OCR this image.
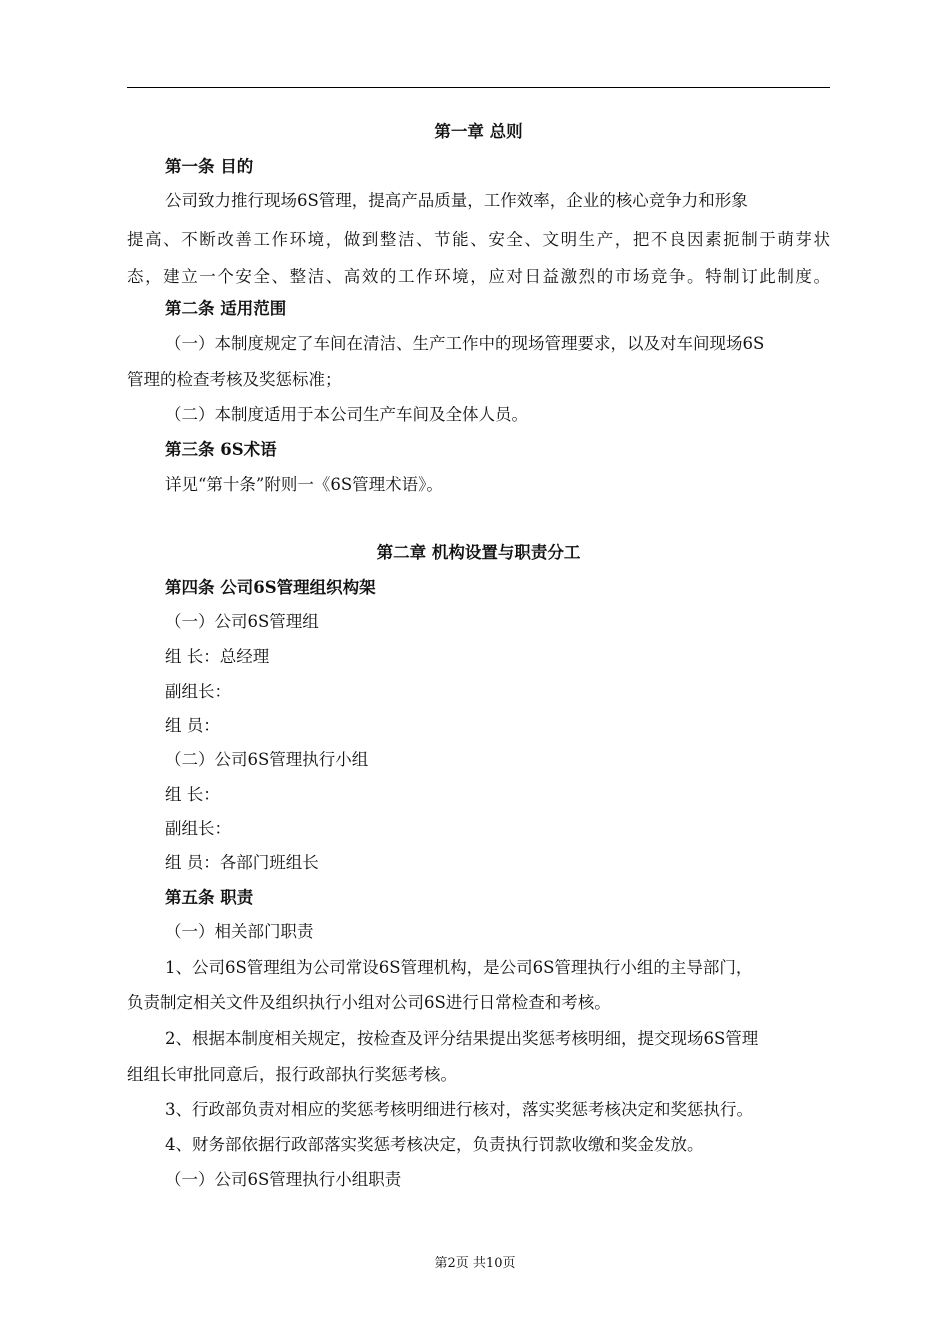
第一章 总则
第一条 目的
公司致力推行现场6S管理，提高产品质量，工作效率，企业的核心竞争力和形象
提高、不断改善工作环境，做到整洁、节能、安全、文明生产，把不良因素扼制于萌芽状
态，建立一个安全、整洁、高效的工作环境，应对日益激烈的市场竞争。特制订此制度。
第二条 适用范围
（一）本制度规定了车间在清洁、生产工作中的现场管理要求，以及对车间现场6S
管理的检查考核及奖惩标准；
（二）本制度适用于本公司生产车间及全体人员。
第三条 6S术语
详见“第十条”附则一《6S管理术语》。
第二章 机构设置与职责分工
第四条 公司6S管理组织构架
（一）公司6S管理组
组 长：总经理
副组长：
组 员：
（二）公司6S管理执行小组
组 长：
副组长：
组 员：各部门班组长
第五条 职责
（一）相关部门职责
1、公司6S管理组为公司常设6S管理机构，是公司6S管理执行小组的主导部门，
负责制定相关文件及组织执行小组对公司6S进行日常检查和考核。
2、根据本制度相关规定，按检查及评分结果提出奖惩考核明细，提交现场6S管理
组组长审批同意后，报行政部执行奖惩考核。
3、行政部负责对相应的奖惩考核明细进行核对，落实奖惩考核决定和奖惩执行。
4、财务部依据行政部落实奖惩考核决定，负责执行罚款收缴和奖金发放。
（一）公司6S管理执行小组职责
第2页 共10页
